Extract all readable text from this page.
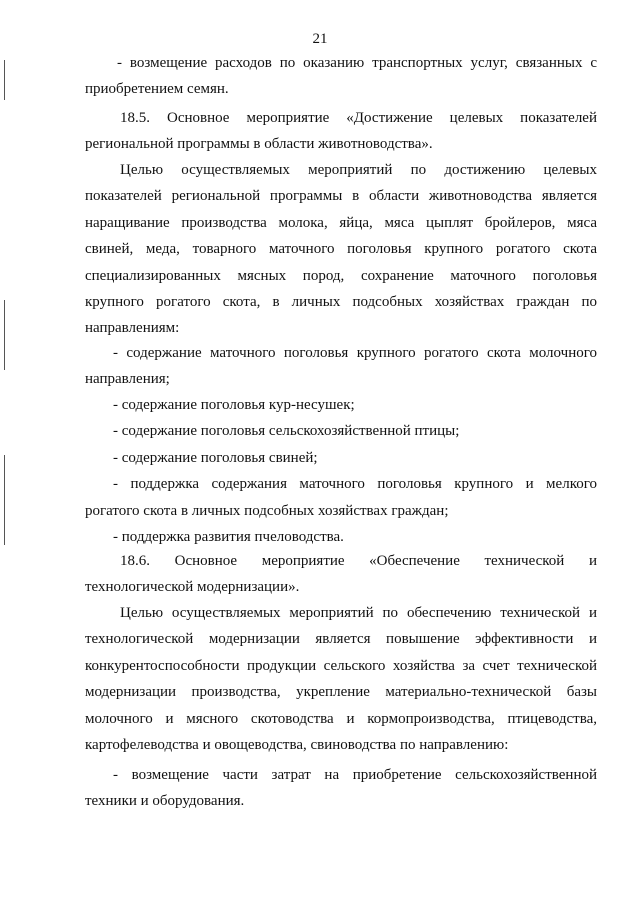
21
- возмещение расходов по оказанию транспортных услуг, связанных с
приобретением семян.
18.5. Основное мероприятие «Достижение целевых показателей
региональной программы в области животноводства».
Целью осуществляемых мероприятий по достижению целевых
показателей региональной программы в области животноводства является
наращивание производства молока, яйца, мяса цыплят бройлеров, мяса
свиней, меда, товарного маточного поголовья крупного рогатого скота
специализированных мясных пород, сохранение маточного поголовья
крупного рогатого скота, в личных подсобных хозяйствах граждан по
направлениям:
- содержание маточного поголовья крупного рогатого скота молочного
направления;
- содержание поголовья кур-несушек;
- содержание поголовья сельскохозяйственной птицы;
- содержание поголовья свиней;
- поддержка содержания маточного поголовья крупного и мелкого
рогатого скота в личных подсобных хозяйствах граждан;
- поддержка развития пчеловодства.
18.6. Основное мероприятие «Обеспечение технической и
технологической модернизации».
Целью осуществляемых мероприятий по обеспечению технической и
технологической модернизации является повышение эффективности и
конкурентоспособности продукции сельского хозяйства за счет технической
модернизации производства, укрепление материально-технической базы
молочного и мясного скотоводства и кормопроизводства, птицеводства,
картофелеводства и овощеводства, свиноводства по направлению:
- возмещение части затрат на приобретение сельскохозяйственной
техники и оборудования.
